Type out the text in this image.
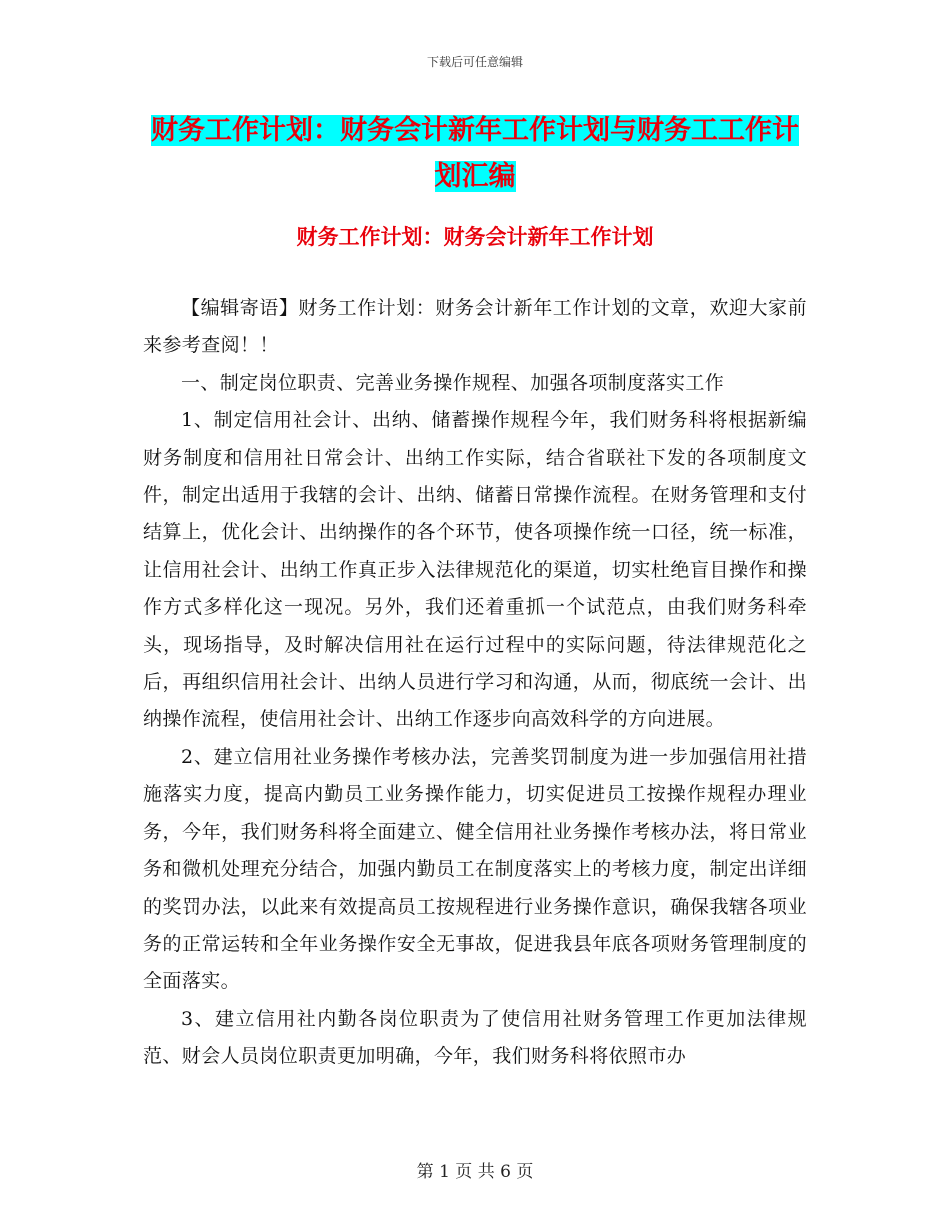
下载后可任意编辑
财务工作计划：财务会计新年工作计划与财务工工作计划汇编
财务工作计划：财务会计新年工作计划

【编辑寄语】财务工作计划：财务会计新年工作计划的文章，欢迎大家前来参考查阅！！

一、制定岗位职责、完善业务操作规程、加强各项制度落实工作

1、制定信用社会计、出纳、储蓄操作规程今年，我们财务科将根据新编财务制度和信用社日常会计、出纳工作实际，结合省联社下发的各项制度文件，制定出适用于我辖的会计、出纳、储蓄日常操作流程。在财务管理和支付结算上，优化会计、出纳操作的各个环节，使各项操作统一口径，统一标准，让信用社会计、出纳工作真正步入法律规范化的渠道，切实杜绝盲目操作和操作方式多样化这一现况。另外，我们还着重抓一个试范点，由我们财务科牵头，现场指导，及时解决信用社在运行过程中的实际问题，待法律规范化之后，再组织信用社会计、出纳人员进行学习和沟通，从而，彻底统一会计、出纳操作流程，使信用社会计、出纳工作逐步向高效科学的方向进展。

2、建立信用社业务操作考核办法，完善奖罚制度为进一步加强信用社措施落实力度，提高内勤员工业务操作能力，切实促进员工按操作规程办理业务，今年，我们财务科将全面建立、健全信用社业务操作考核办法，将日常业务和微机处理充分结合，加强内勤员工在制度落实上的考核力度，制定出详细的奖罚办法，以此来有效提高员工按规程进行业务操作意识，确保我辖各项业务的正常运转和全年业务操作安全无事故，促进我县年底各项财务管理制度的全面落实。

3、建立信用社内勤各岗位职责为了使信用社财务管理工作更加法律规范、财会人员岗位职责更加明确，今年，我们财务科将依照市办

第 1 页 共 6 页
